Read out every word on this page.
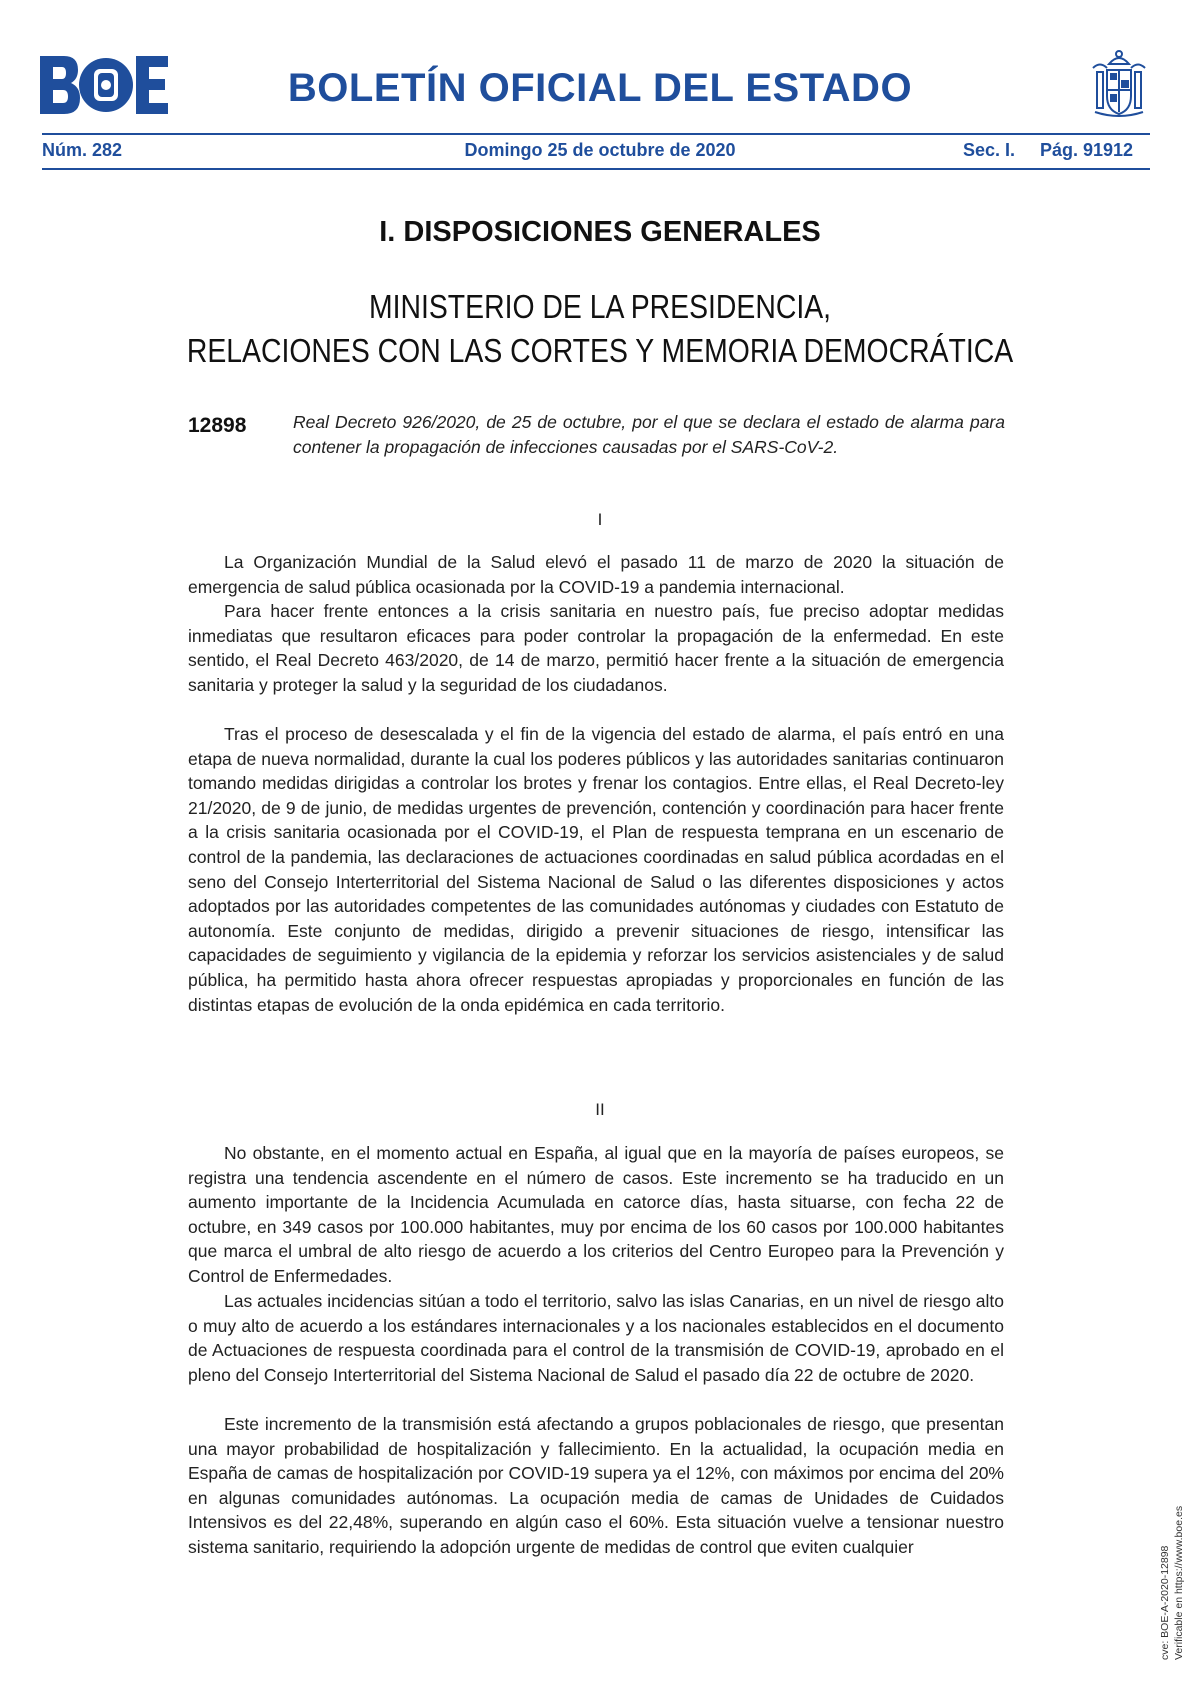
BOLETÍN OFICIAL DEL ESTADO
Núm. 282	Domingo 25 de octubre de 2020	Sec. I. Pág. 91912
I. DISPOSICIONES GENERALES
MINISTERIO DE LA PRESIDENCIA,
RELACIONES CON LAS CORTES Y MEMORIA DEMOCRÁTICA
12898	Real Decreto 926/2020, de 25 de octubre, por el que se declara el estado de alarma para contener la propagación de infecciones causadas por el SARS-CoV-2.
I

La Organización Mundial de la Salud elevó el pasado 11 de marzo de 2020 la situación de emergencia de salud pública ocasionada por la COVID-19 a pandemia internacional.

Para hacer frente entonces a la crisis sanitaria en nuestro país, fue preciso adoptar medidas inmediatas que resultaron eficaces para poder controlar la propagación de la enfermedad. En este sentido, el Real Decreto 463/2020, de 14 de marzo, permitió hacer frente a la situación de emergencia sanitaria y proteger la salud y la seguridad de los ciudadanos.

Tras el proceso de desescalada y el fin de la vigencia del estado de alarma, el país entró en una etapa de nueva normalidad, durante la cual los poderes públicos y las autoridades sanitarias continuaron tomando medidas dirigidas a controlar los brotes y frenar los contagios. Entre ellas, el Real Decreto-ley 21/2020, de 9 de junio, de medidas urgentes de prevención, contención y coordinación para hacer frente a la crisis sanitaria ocasionada por el COVID-19, el Plan de respuesta temprana en un escenario de control de la pandemia, las declaraciones de actuaciones coordinadas en salud pública acordadas en el seno del Consejo Interterritorial del Sistema Nacional de Salud o las diferentes disposiciones y actos adoptados por las autoridades competentes de las comunidades autónomas y ciudades con Estatuto de autonomía. Este conjunto de medidas, dirigido a prevenir situaciones de riesgo, intensificar las capacidades de seguimiento y vigilancia de la epidemia y reforzar los servicios asistenciales y de salud pública, ha permitido hasta ahora ofrecer respuestas apropiadas y proporcionales en función de las distintas etapas de evolución de la onda epidémica en cada territorio.

II

No obstante, en el momento actual en España, al igual que en la mayoría de países europeos, se registra una tendencia ascendente en el número de casos. Este incremento se ha traducido en un aumento importante de la Incidencia Acumulada en catorce días, hasta situarse, con fecha 22 de octubre, en 349 casos por 100.000 habitantes, muy por encima de los 60 casos por 100.000 habitantes que marca el umbral de alto riesgo de acuerdo a los criterios del Centro Europeo para la Prevención y Control de Enfermedades.

Las actuales incidencias sitúan a todo el territorio, salvo las islas Canarias, en un nivel de riesgo alto o muy alto de acuerdo a los estándares internacionales y a los nacionales establecidos en el documento de Actuaciones de respuesta coordinada para el control de la transmisión de COVID-19, aprobado en el pleno del Consejo Interterritorial del Sistema Nacional de Salud el pasado día 22 de octubre de 2020.

Este incremento de la transmisión está afectando a grupos poblacionales de riesgo, que presentan una mayor probabilidad de hospitalización y fallecimiento. En la actualidad, la ocupación media en España de camas de hospitalización por COVID-19 supera ya el 12%, con máximos por encima del 20% en algunas comunidades autónomas. La ocupación media de camas de Unidades de Cuidados Intensivos es del 22,48%, superando en algún caso el 60%. Esta situación vuelve a tensionar nuestro sistema sanitario, requiriendo la adopción urgente de medidas de control que eviten cualquier	cve: BOE-A-2020-12898 Verificable en https://www.boe.es
